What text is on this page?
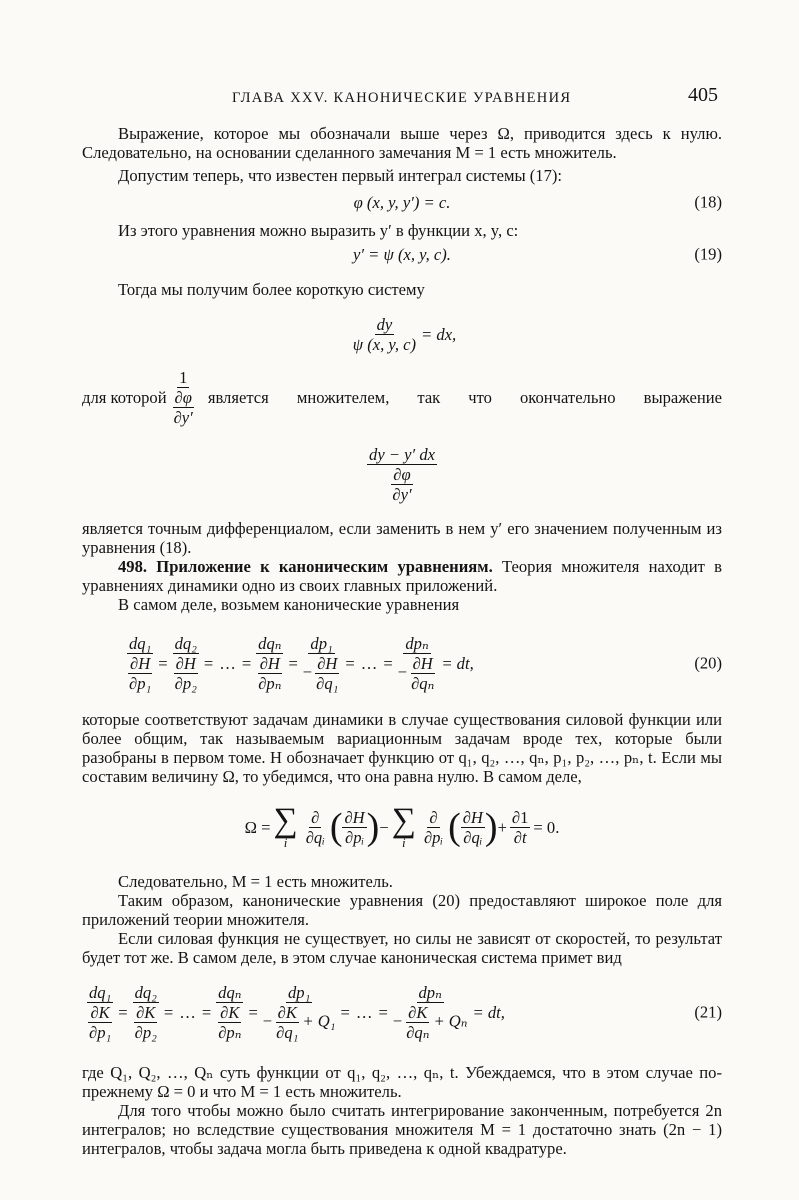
ГЛАВА XXV. КАНОНИЧЕСКИЕ УРАВНЕНИЯ	405

Выражение, которое мы обозначали выше через Ω, приводится здесь к нулю. Следовательно, на основании сделанного замечания M = 1 есть множитель.

Допустим теперь, что известен первый интеграл системы (17):

φ (x, y, y′) = c.	(18)

Из этого уравнения можно выразить y′ в функции x, y, c:

y′ = ψ (x, y, c).	(19)

Тогда мы получим более короткую систему

$\frac{dy}{\psi (x, y, c)}$ = dx,
для которой $\frac{1}{\frac{\partial\varphi}{\partial y'}}$ является множителем, так что окончательно выражение
$\frac{dy - y' dx}{\frac{\partial\varphi}{\partial y'}}$

является точным дифференциалом, если заменить в нем y′ его значением полученным из уравнения (18).

498. Приложение к каноническим уравнениям. Теория множителя находит в уравнениях динамики одно из своих главных приложений.

В самом деле, возьмем канонические уравнения

$\frac{\text{dq₁}}{\frac{\partial H}{\text{∂p₁}}} = \frac{\text{dq₂}}{\frac{\partial H}{\text{∂p₂}}}$ = … = $\frac{\text{dqₙ}}{\frac{\partial H}{\text{∂pₙ}}} = \frac{\text{dp₁}}{- \frac{\partial H}{\text{∂q₁}}}$ = … = $\frac{\text{dpₙ}}{- \frac{\partial H}{\text{∂qₙ}}}$ = dt,	(20)

которые соответствуют задачам динамики в случае существования силовой функции или более общим, так называемым вариационным задачам вроде тех, которые были разобраны в первом томе. H обозначает функцию от q₁, q₂, …, qₙ, p₁, p₂, …, pₙ, t. Если мы составим величину Ω, то убедимся, что она равна нулю. В самом деле,

Ω = ∑
i $\frac{\partial}{\text{∂qᵢ}}$ ( $\frac{\partial H}{\text{∂pᵢ}}$ ) − ∑
i $\frac{\partial}{\text{∂pᵢ}}$ ( $\frac{\partial H}{\text{∂qᵢ}}$ ) + $\frac{\partial 1}{\partial t} = 0$.

Следовательно, M = 1 есть множитель.

Таким образом, канонические уравнения (20) предоставляют широкое поле для приложений теории множителя.

Если силовая функция не существует, но силы не зависят от скоростей, то результат будет тот же. В самом деле, в этом случае каноническая система примет вид

$\frac{\text{dq₁}}{\frac{\partial K}{\text{∂p₁}}} = \frac{\text{dq₂}}{\frac{\partial K}{\text{∂p₂}}}$ = … = $\frac{\text{dqₙ}}{\frac{\partial K}{\text{∂pₙ}}} = \frac{\text{dp₁}}{- \frac{\partial K}{\text{∂q₁}} + Q_1}$ = … = $\frac{\text{dpₙ}}{- \frac{\partial K}{\text{∂qₙ}} + Q_n}$ = dt,	(21)

где Q₁, Q₂, …, Qₙ суть функции от q₁, q₂, …, qₙ, t. Убеждаемся, что в этом случае по-прежнему Ω = 0 и что M = 1 есть множитель.

Для того чтобы можно было считать интегрирование законченным, потребуется 2n интегралов; но вследствие существования множителя M = 1 достаточно знать (2n − 1) интегралов, чтобы задача могла быть приведена к одной квадратуре.
